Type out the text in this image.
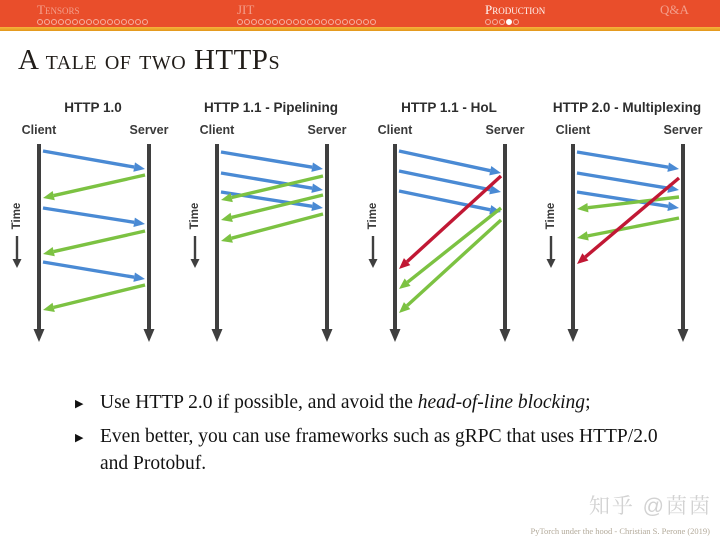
Tensors	JIT	Production	Q&A
A tale of two HTTPs
HTTP 1.0
Client	Server
Time
HTTP 1.1 - Pipelining
Client	Server
Time
HTTP 1.1 - HoL
Client	Server
Time
HTTP 2.0 - Multiplexing
Client	Server
Time
▶ Use HTTP 2.0 if possible, and avoid the head-of-line blocking;
▶ Even better, you can use frameworks such as gRPC that uses HTTP/2.0 and Protobuf.
知乎 @茵茵
PyTorch under the hood - Christian S. Perone (2019)
